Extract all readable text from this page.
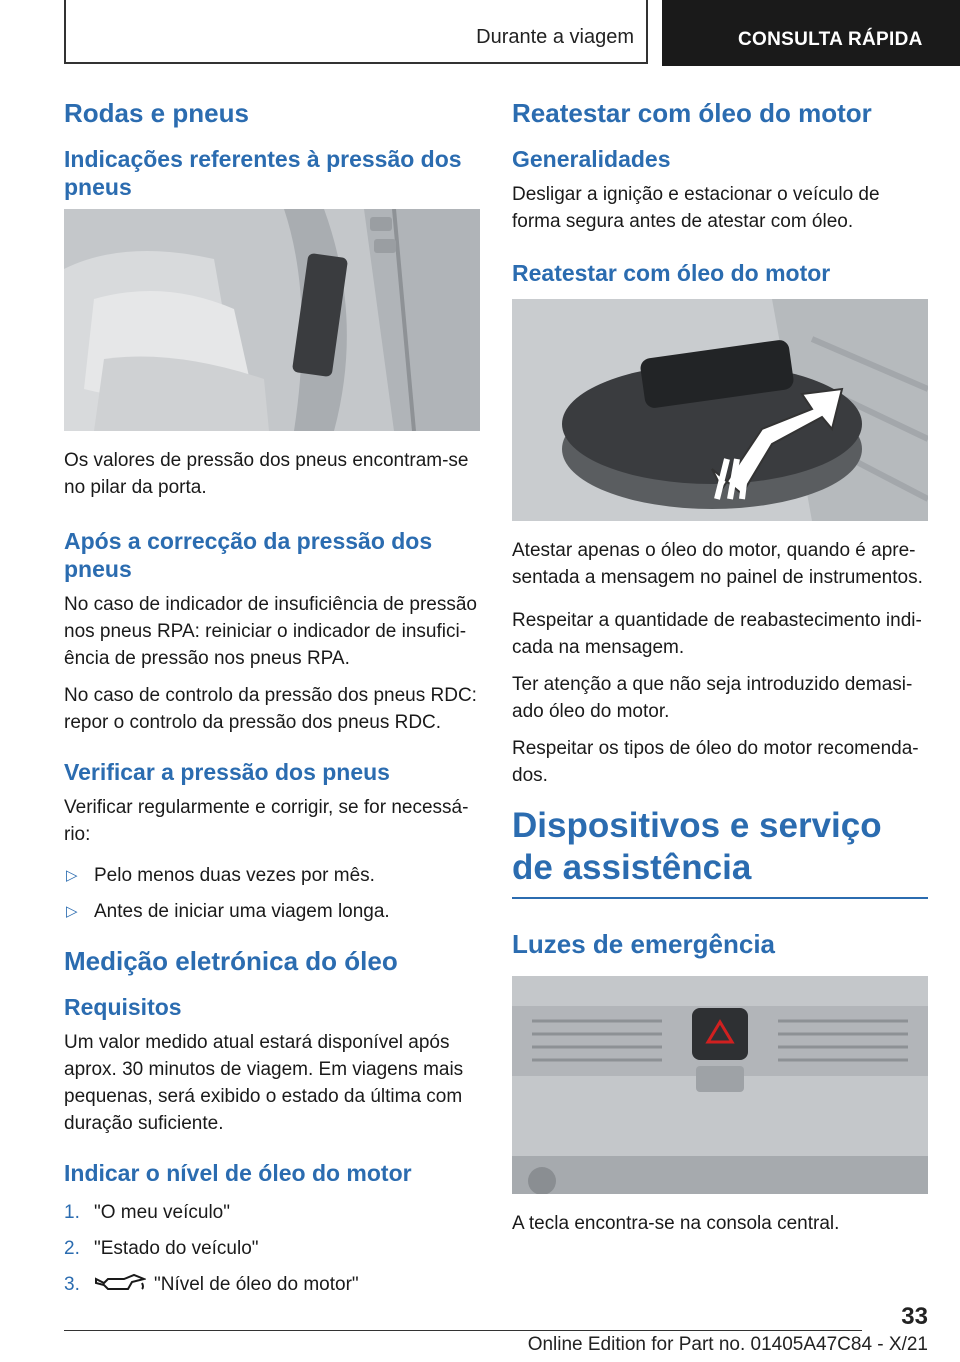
Durante a viagem	CONSULTA RÁPIDA
Rodas e pneus
Indicações referentes à pressão dos pneus

Os valores de pressão dos pneus encontram-se no pilar da porta.

Após a correcção da pressão dos pneus

No caso de indicador de insuficiência de pressão nos pneus RPA: reiniciar o indicador de insufici-ência de pressão nos pneus RPA.

No caso de controlo da pressão dos pneus RDC: repor o controlo da pressão dos pneus RDC.

Verificar a pressão dos pneus

Verificar regularmente e corrigir, se for necessá-rio:

▷ Pelo menos duas vezes por mês.
▷ Antes de iniciar uma viagem longa.
Medição eletrónica do óleo
Requisitos

Um valor medido atual estará disponível após aprox. 30 minutos de viagem. Em viagens mais pequenas, será exibido o estado da última com duração suficiente.

Indicar o nível de óleo do motor
1. "O meu veículo"
2. "Estado do veículo"
3.	"Nível de óleo do motor"
Reatestar com óleo do motor
Generalidades

Desligar a ignição e estacionar o veículo de forma segura antes de atestar com óleo.

Reatestar com óleo do motor

Atestar apenas o óleo do motor, quando é apre-sentada a mensagem no painel de instrumentos.

Respeitar a quantidade de reabastecimento indi-cada na mensagem.

Ter atenção a que não seja introduzido demasi-ado óleo do motor.

Respeitar os tipos de óleo do motor recomenda-dos.

Dispositivos e serviço de assistência
Luzes de emergência

A tecla encontra-se na consola central.

33
Online Edition for Part no. 01405A47C84 - X/21
